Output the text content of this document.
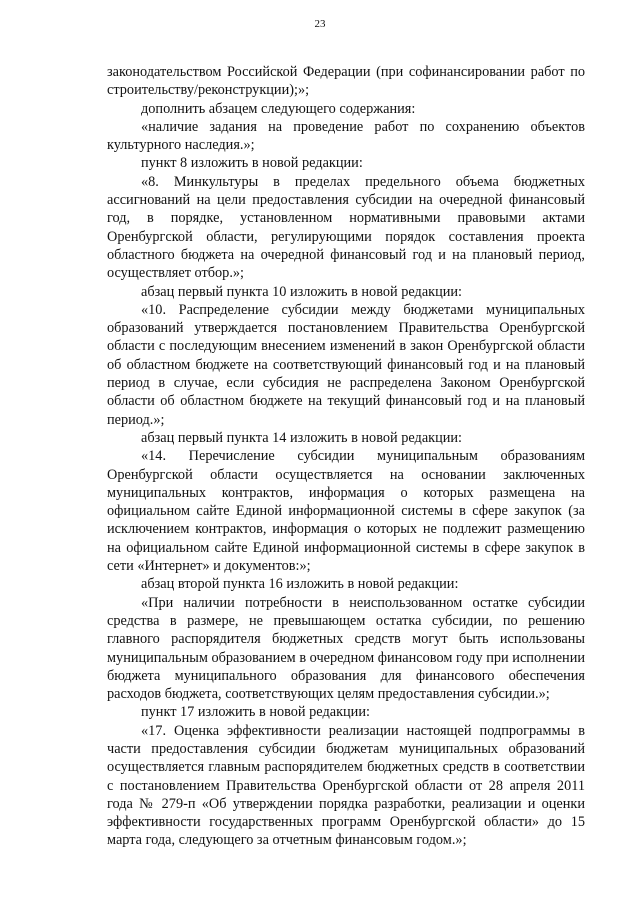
23

законодательством Российской Федерации (при софинансировании работ по строительству/реконструкции);»;

дополнить абзацем следующего содержания:

«наличие задания на проведение работ по сохранению объектов культурного наследия.»;

пункт 8 изложить в новой редакции:

«8. Минкультуры в пределах предельного объема бюджетных ассигнований на цели предоставления субсидии на очередной финансовый год, в порядке, установленном нормативными правовыми актами Оренбургской области, регулирующими порядок составления проекта областного бюджета на очередной финансовый год и на плановый период, осуществляет отбор.»;

абзац первый пункта 10 изложить в новой редакции:

«10. Распределение субсидии между бюджетами муниципальных образований утверждается постановлением Правительства Оренбургской области с последующим внесением изменений в закон Оренбургской области об областном бюджете на соответствующий финансовый год и на плановый период в случае, если субсидия не распределена Законом Оренбургской области об областном бюджете на текущий финансовый год и на плановый период.»;

абзац первый пункта 14 изложить в новой редакции:

«14. Перечисление субсидии муниципальным образованиям Оренбургской области осуществляется на основании заключенных муниципальных контрактов, информация о которых размещена на официальном сайте Единой информационной системы в сфере закупок (за исключением контрактов, информация о которых не подлежит размещению на официальном сайте Единой информационной системы в сфере закупок в сети «Интернет» и документов:»;

абзац второй пункта 16 изложить в новой редакции:

«При наличии потребности в неиспользованном остатке субсидии средства в размере, не превышающем остатка субсидии, по решению главного распорядителя бюджетных средств могут быть использованы муниципальным образованием в очередном финансовом году при исполнении бюджета муниципального образования для финансового обеспечения расходов бюджета, соответствующих целям предоставления субсидии.»;

пункт 17 изложить в новой редакции:

«17. Оценка эффективности реализации настоящей подпрограммы в части предоставления субсидии бюджетам муниципальных образований осуществляется главным распорядителем бюджетных средств в соответствии с постановлением Правительства Оренбургской области от 28 апреля 2011 года № 279-п «Об утверждении порядка разработки, реализации и оценки эффективности государственных программ Оренбургской области» до 15 марта года, следующего за отчетным финансовым годом.»;
